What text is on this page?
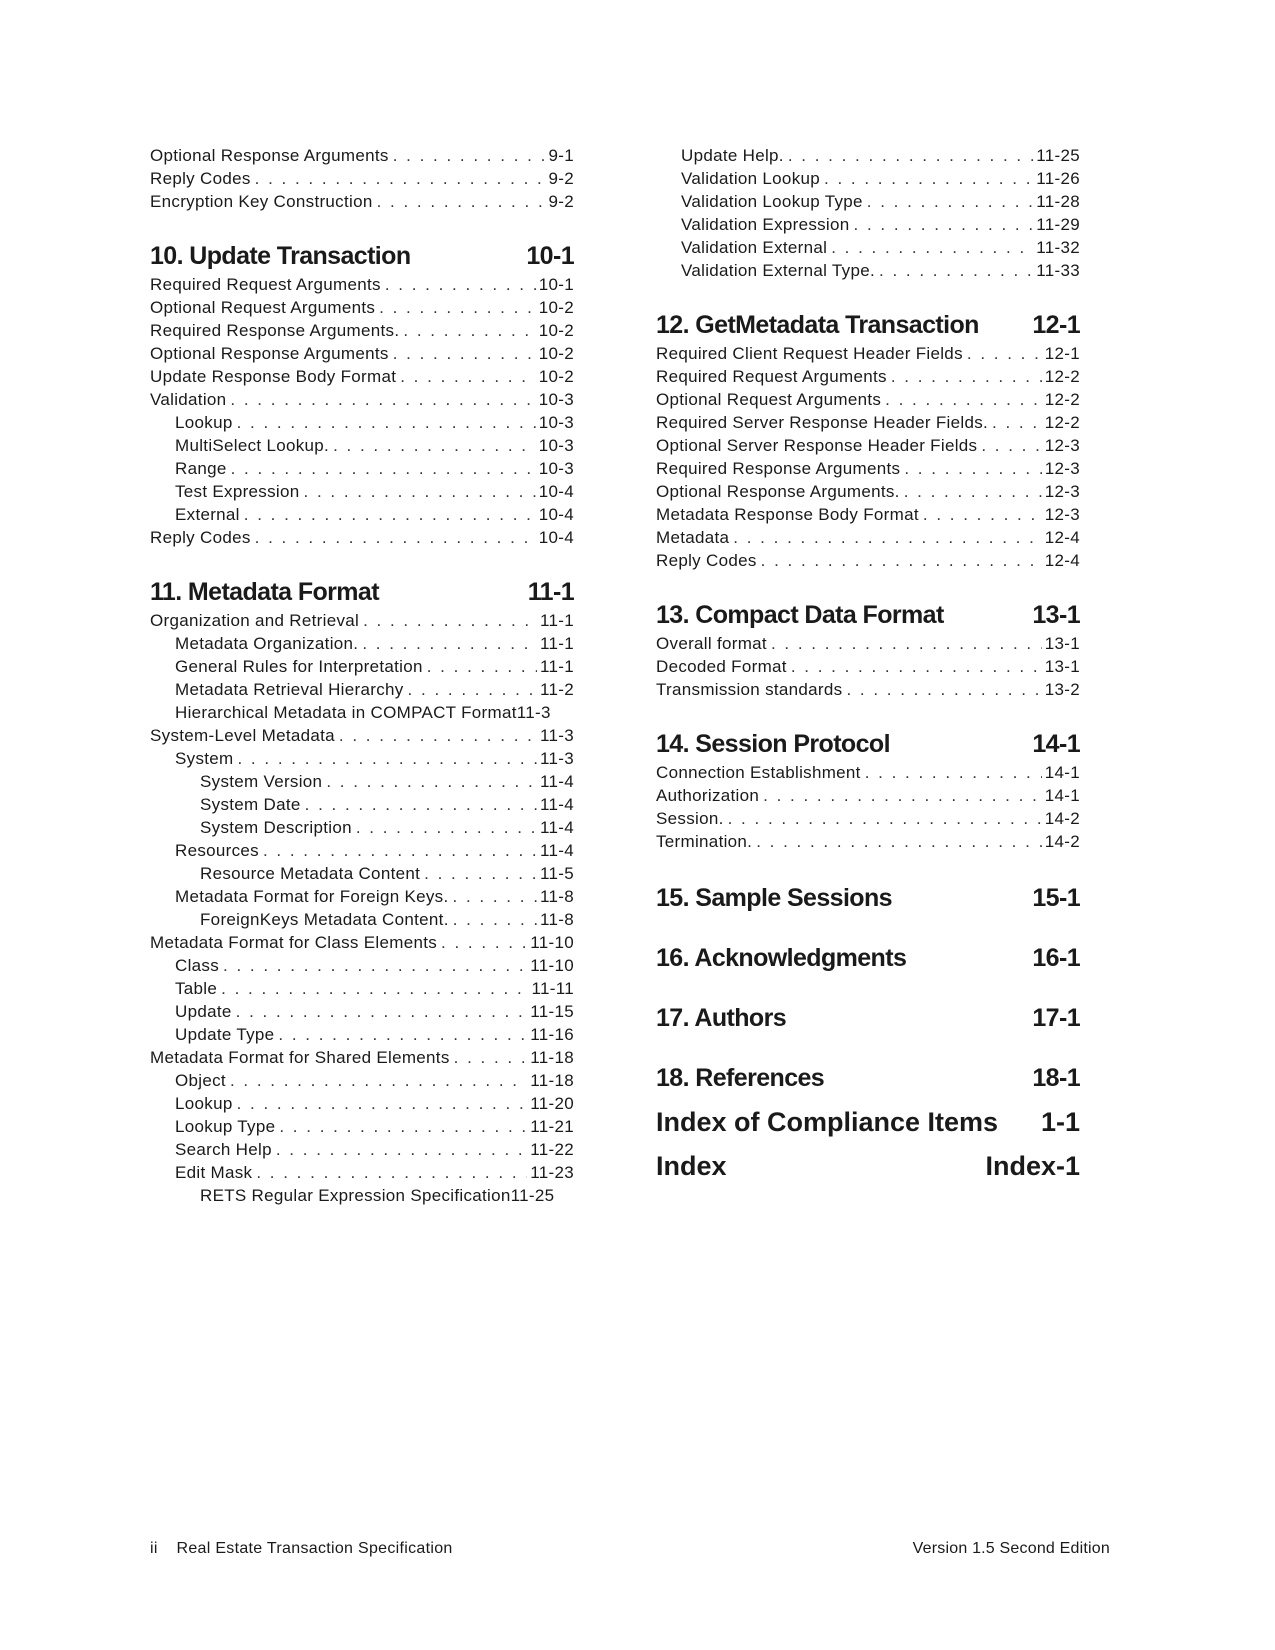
Optional Response Arguments . . .	9-1
Reply Codes . . .	9-2
Encryption Key Construction . . .	9-2
10. Update Transaction	10-1
Required Request Arguments . . .	10-1
Optional Request Arguments . . .	10-2
Required Response Arguments. . . .	10-2
Optional Response Arguments . . .	10-2
Update Response Body Format . . .	10-2
Validation . . .	10-3
Lookup . . .	10-3
MultiSelect Lookup. . . .	10-3
Range . . .	10-3
Test Expression . . .	10-4
External . . .	10-4
Reply Codes . . .	10-4
11. Metadata Format	11-1
Organization and Retrieval . . .	11-1
Metadata Organization. . . .	11-1
General Rules for Interpretation . . .	11-1
Metadata Retrieval Hierarchy . . .	11-2
Hierarchical Metadata in COMPACT Format 11-3
System-Level Metadata . . .	11-3
System . . .	11-3
System Version . . .	11-4
System Date . . .	11-4
System Description . . .	11-4
Resources . . .	11-4
Resource Metadata Content . . .	11-5
Metadata Format for Foreign Keys. . . .	11-8
ForeignKeys Metadata Content. . . .	11-8
Metadata Format for Class Elements . . .	11-10
Class . . .	11-10
Table . . .	11-11
Update . . .	11-15
Update Type . . .	11-16
Metadata Format for Shared Elements . . .	11-18
Object . . .	11-18
Lookup . . .	11-20
Lookup Type . . .	11-21
Search Help . . .	11-22
Edit Mask . . .	11-23
RETS Regular Expression Specification 11-25
Update Help. . . .	11-25
Validation Lookup . . .	11-26
Validation Lookup Type . . .	11-28
Validation Expression . . .	11-29
Validation External . . .	11-32
Validation External Type. . . .	11-33
12. GetMetadata Transaction 12-1
Required Client Request Header Fields . . .	12-1
Required Request Arguments . . .	12-2
Optional Request Arguments . . .	12-2
Required Server Response Header Fields. . . .	12-2
Optional Server Response Header Fields . . .	12-3
Required Response Arguments . . .	12-3
Optional Response Arguments. . . .	12-3
Metadata Response Body Format . . .	12-3
Metadata . . .	12-4
Reply Codes . . .	12-4
13. Compact Data Format	13-1
Overall format . . .	13-1
Decoded Format . . .	13-1
Transmission standards . . .	13-2
14. Session Protocol	14-1
Connection Establishment . . .	14-1
Authorization . . .	14-1
Session. . . .	14-2
Termination. . . .	14-2
15. Sample Sessions	15-1
16. Acknowledgments	16-1
17. Authors	17-1
18. References	18-1
Index of Compliance Items 1-1
Index	Index-1
ii Real Estate Transaction Specification	Version 1.5 Second Edition
